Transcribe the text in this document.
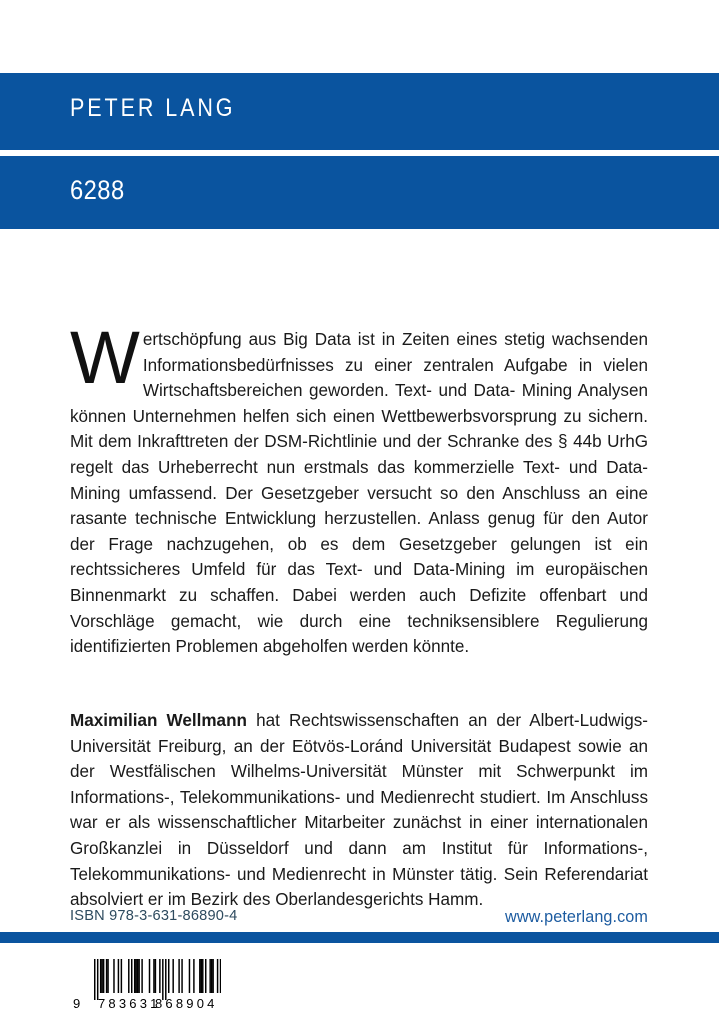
PETER LANG
6288
W ertschöpfung aus Big Data ist in Zeiten eines stetig wachsenden Informationsbedürfnisses zu einer zentralen Aufgabe in vielen Wirtschaftsbereichen geworden. Text- und Data- Mining Analysen können Unternehmen helfen sich einen Wettbewerbsvorsprung zu sichern. Mit dem Inkrafttreten der DSM-Richtlinie und der Schranke des § 44b UrhG regelt das Urheberrecht nun erstmals das kommerzielle Text- und Data- Mining umfassend. Der Gesetzgeber versucht so den Anschluss an eine rasante technische Entwicklung herzustellen. Anlass genug für den Autor der Frage nachzugehen, ob es dem Gesetzgeber gelungen ist ein rechtssicheres Umfeld für das Text- und Data-Mining im europäischen Binnenmarkt zu schaffen. Dabei werden auch Defizite offenbart und Vorschläge gemacht, wie durch eine techniksensiblere Regulierung identifizierten Problemen abgeholfen werden könnte.

Maximilian Wellmann hat Rechtswissenschaften an der Albert-Ludwigs-Universität Freiburg, an der Eötvös-Loránd Universität Budapest sowie an der Westfälischen Wilhelms-Universität Münster mit Schwerpunkt im Informations-, Telekommunikations- und Medienrecht studiert. Im Anschluss war er als wissenschaftlicher Mitarbeiter zunächst in einer internationalen Großkanzlei in Düsseldorf und dann am Institut für Informations-, Telekommunikations- und Medienrecht in Münster tätig. Sein Referendariat absolviert er im Bezirk des Oberlandesgerichts Hamm.

ISBN 978-3-631-86890-4	www.peterlang.com
9 783631
868904
